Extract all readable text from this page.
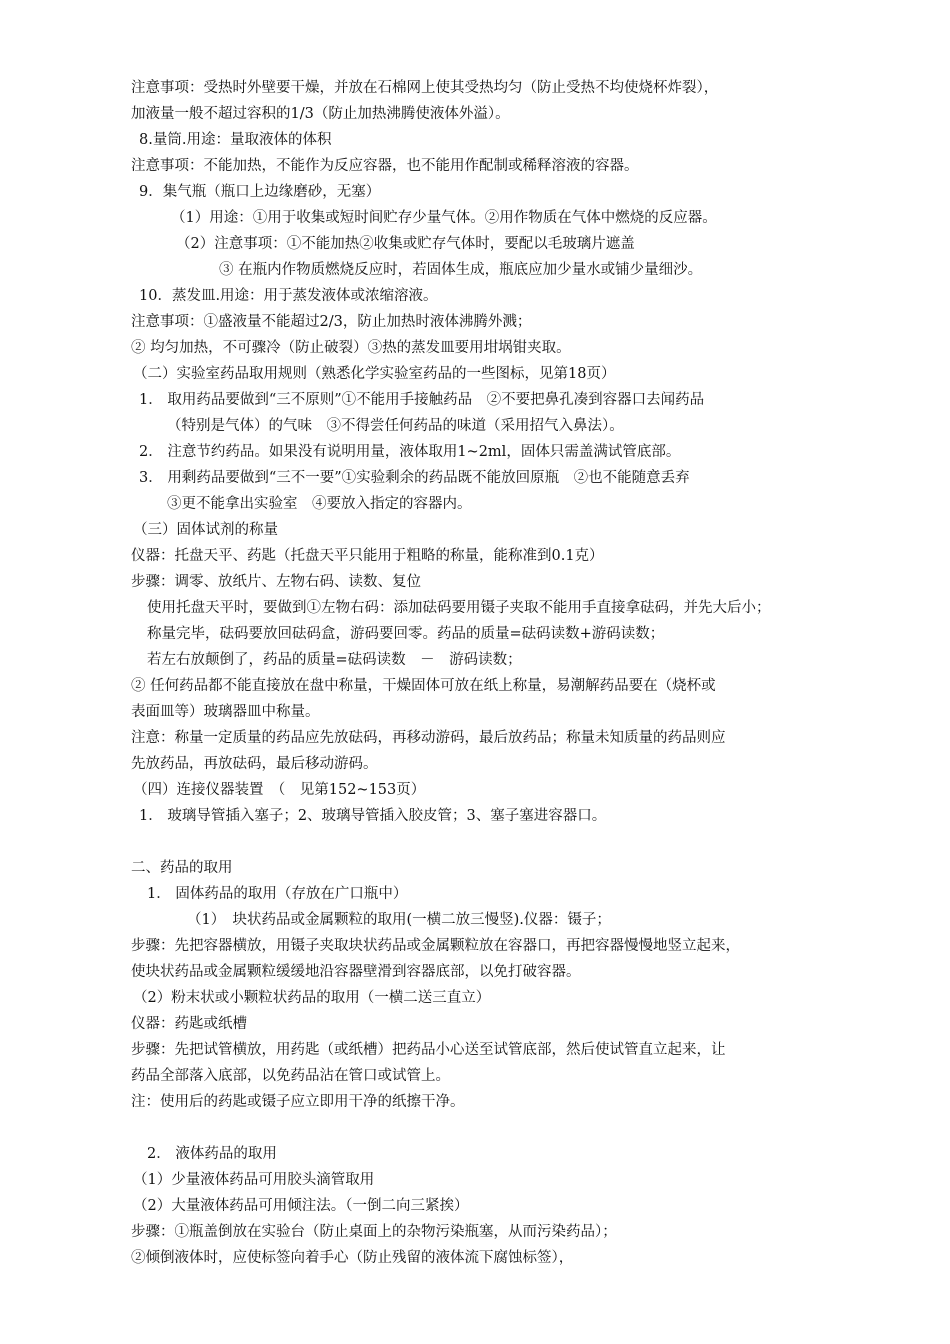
注意事项：受热时外壁要干燥，并放在石棉网上使其受热均匀（防止受热不均使烧杯炸裂），
加液量一般不超过容积的1/3（防止加热沸腾使液体外溢）。
8.量筒.用途：量取液体的体积
注意事项：不能加热，不能作为反应容器，也不能用作配制或稀释溶液的容器。
9．集气瓶（瓶口上边缘磨砂，无塞）
（1）用途：①用于收集或短时间贮存少量气体。②用作物质在气体中燃烧的反应器。
（2）注意事项：①不能加热②收集或贮存气体时，要配以毛玻璃片遮盖
③ 在瓶内作物质燃烧反应时，若固体生成，瓶底应加少量水或铺少量细沙。
10．蒸发皿.用途：用于蒸发液体或浓缩溶液。
注意事项：①盛液量不能超过2/3，防止加热时液体沸腾外溅；
② 均匀加热，不可骤冷（防止破裂）③热的蒸发皿要用坩埚钳夹取。
（二）实验室药品取用规则（熟悉化学实验室药品的一些图标，见第18页）
1． 取用药品要做到“三不原则”①不能用手接触药品　②不要把鼻孔凑到容器口去闻药品
（特别是气体）的气味　③不得尝任何药品的味道（采用招气入鼻法）。
2． 注意节约药品。如果没有说明用量，液体取用1~2ml，固体只需盖满试管底部。
3． 用剩药品要做到“三不一要”①实验剩余的药品既不能放回原瓶　②也不能随意丢弃
③更不能拿出实验室　④要放入指定的容器内。
（三）固体试剂的称量
仪器：托盘天平、药匙（托盘天平只能用于粗略的称量，能称准到0.1克）
步骤：调零、放纸片、左物右码、读数、复位
使用托盘天平时，要做到①左物右码：添加砝码要用镊子夹取不能用手直接拿砝码，并先大后小；
称量完毕，砝码要放回砝码盒，游码要回零。药品的质量=砝码读数+游码读数；
若左右放颠倒了，药品的质量=砝码读数　－　游码读数；
② 任何药品都不能直接放在盘中称量，干燥固体可放在纸上称量，易潮解药品要在（烧杯或
表面皿等）玻璃器皿中称量。
注意：称量一定质量的药品应先放砝码，再移动游码，最后放药品；称量未知质量的药品则应
先放药品，再放砝码，最后移动游码。
（四）连接仪器装置　（　见第152~153页）
1． 玻璃导管插入塞子；2、玻璃导管插入胶皮管；3、塞子塞进容器口。
二、药品的取用
1． 固体药品的取用（存放在广口瓶中）
（1）　块状药品或金属颗粒的取用(一横二放三慢竖).仪器：镊子；
步骤：先把容器横放，用镊子夹取块状药品或金属颗粒放在容器口，再把容器慢慢地竖立起来，
使块状药品或金属颗粒缓缓地沿容器壁滑到容器底部，以免打破容器。
（2）粉末状或小颗粒状药品的取用（一横二送三直立）
仪器：药匙或纸槽
步骤：先把试管横放，用药匙（或纸槽）把药品小心送至试管底部，然后使试管直立起来，让
药品全部落入底部，以免药品沾在管口或试管上。
注：使用后的药匙或镊子应立即用干净的纸擦干净。
2． 液体药品的取用
（1）少量液体药品可用胶头滴管取用
（2）大量液体药品可用倾注法。（一倒二向三紧挨）
步骤：①瓶盖倒放在实验台（防止桌面上的杂物污染瓶塞，从而污染药品）；
②倾倒液体时，应使标签向着手心（防止残留的液体流下腐蚀标签），
